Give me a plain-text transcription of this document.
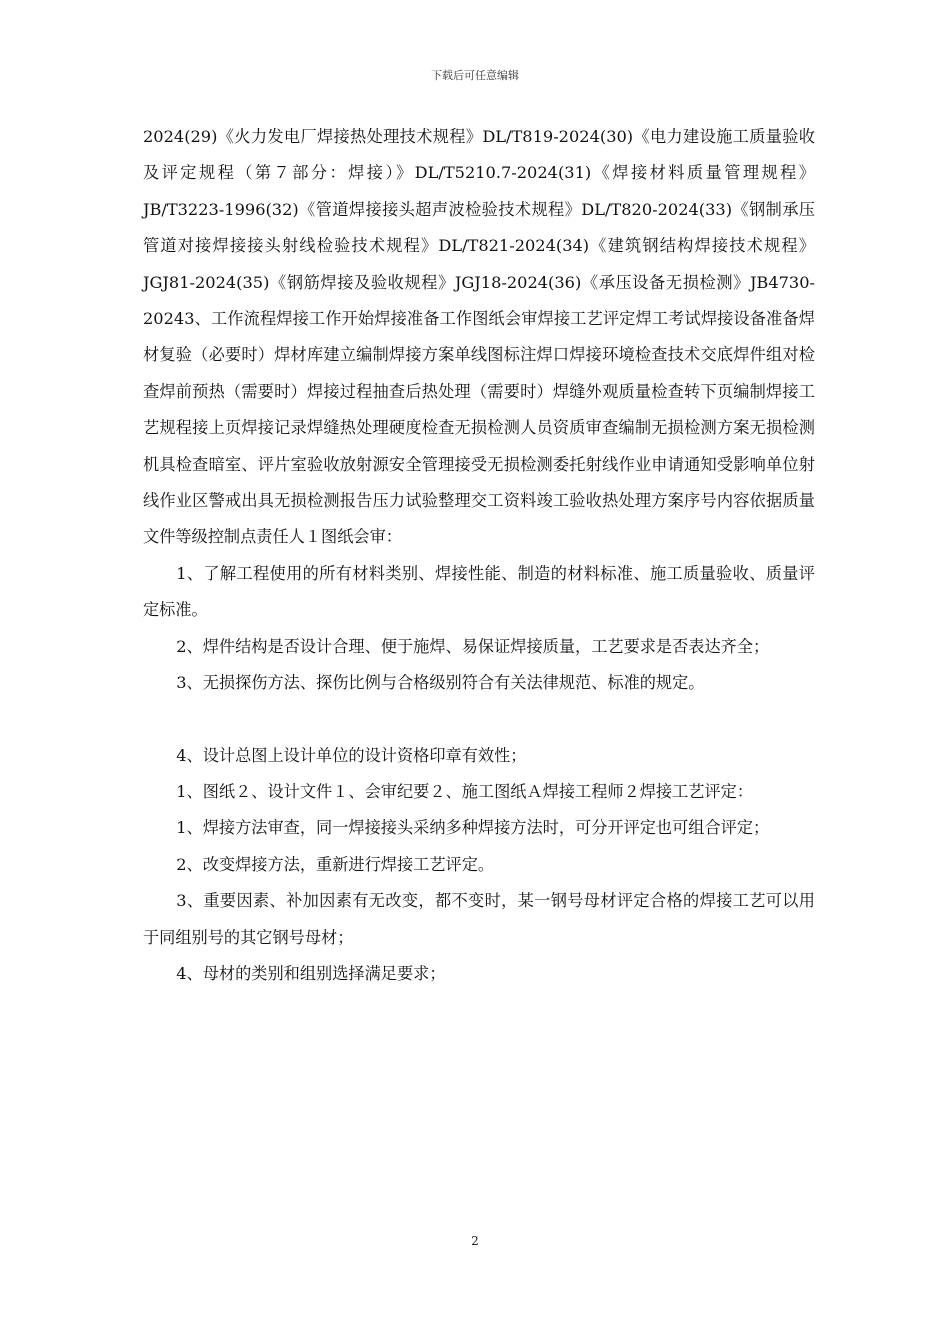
下载后可任意编辑

2024(29)《火力发电厂焊接热处理技术规程》DL/T819-2024(30)《电力建设施工质量验收及评定规程（第７部分：焊接）》DL/T5210.7-2024(31)《焊接材料质量管理规程》JB/T3223-1996(32)《管道焊接接头超声波检验技术规程》DL/T820-2024(33)《钢制承压管道对接焊接接头射线检验技术规程》DL/T821-2024(34)《建筑钢结构焊接技术规程》JGJ81-2024(35)《钢筋焊接及验收规程》JGJ18-2024(36)《承压设备无损检测》JB4730-20243、工作流程焊接工作开始焊接准备工作图纸会审焊接工艺评定焊工考试焊接设备准备焊材复验（必要时）焊材库建立编制焊接方案单线图标注焊口焊接环境检查技术交底焊件组对检查焊前预热（需要时）焊接过程抽查后热处理（需要时）焊缝外观质量检查转下页编制焊接工艺规程接上页焊接记录焊缝热处理硬度检查无损检测人员资质审查编制无损检测方案无损检测机具检查暗室、评片室验收放射源安全管理接受无损检测委托射线作业申请通知受影响单位射线作业区警戒出具无损检测报告压力试验整理交工资料竣工验收热处理方案序号内容依据质量文件等级控制点责任人１图纸会审：

1、了解工程使用的所有材料类别、焊接性能、制造的材料标准、施工质量验收、质量评定标准。

2、焊件结构是否设计合理、便于施焊、易保证焊接质量，工艺要求是否表达齐全；

3、无损探伤方法、探伤比例与合格级别符合有关法律规范、标准的规定。

4、设计总图上设计单位的设计资格印章有效性；

1、图纸２、设计文件１、会审纪要２、施工图纸Ａ焊接工程师２焊接工艺评定：

1、焊接方法审查，同一焊接接头采纳多种焊接方法时，可分开评定也可组合评定；

2、改变焊接方法，重新进行焊接工艺评定。

3、重要因素、补加因素有无改变，都不变时，某一钢号母材评定合格的焊接工艺可以用于同组别号的其它钢号母材；

4、母材的类别和组别选择满足要求；

2
